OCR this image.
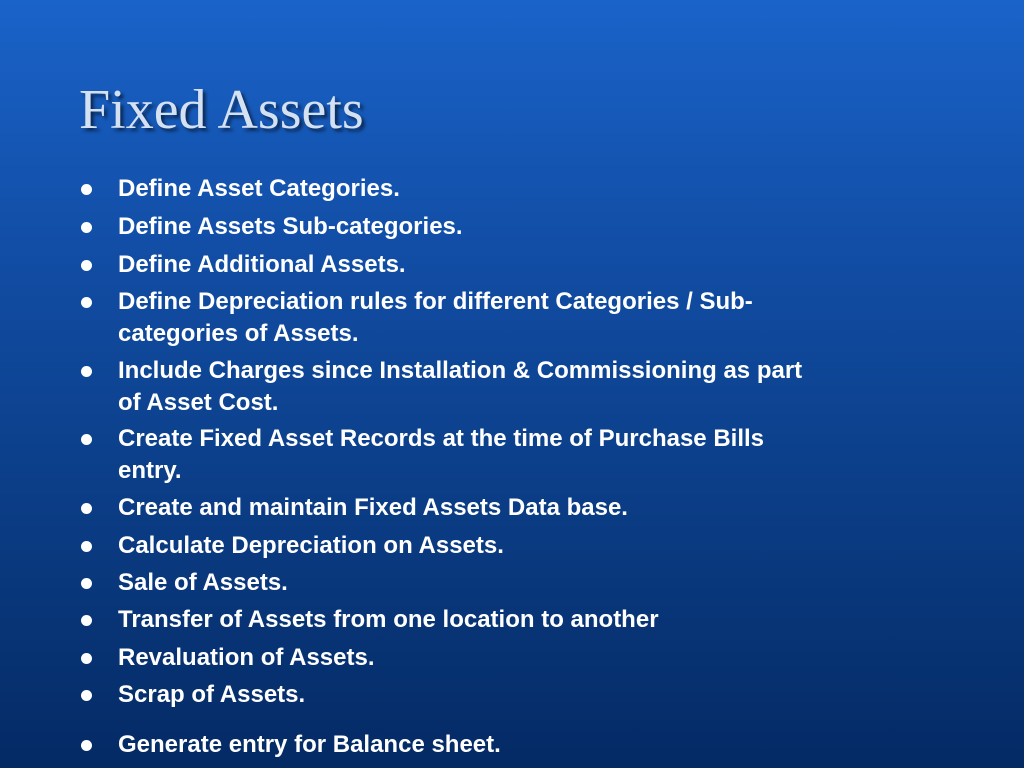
Fixed Assets
Define Asset Categories.
Define Assets Sub-categories.
Define Additional Assets.
Define Depreciation rules for different Categories / Sub-
categories of Assets.
Include Charges since Installation & Commissioning as part
of Asset Cost.
Create Fixed Asset Records at the time of Purchase Bills
entry.
Create and maintain Fixed Assets Data base.
Calculate Depreciation on Assets.
Sale of Assets.
Transfer of Assets from one location to another
Revaluation of Assets.
Scrap of Assets.
Generate entry for Balance sheet.
